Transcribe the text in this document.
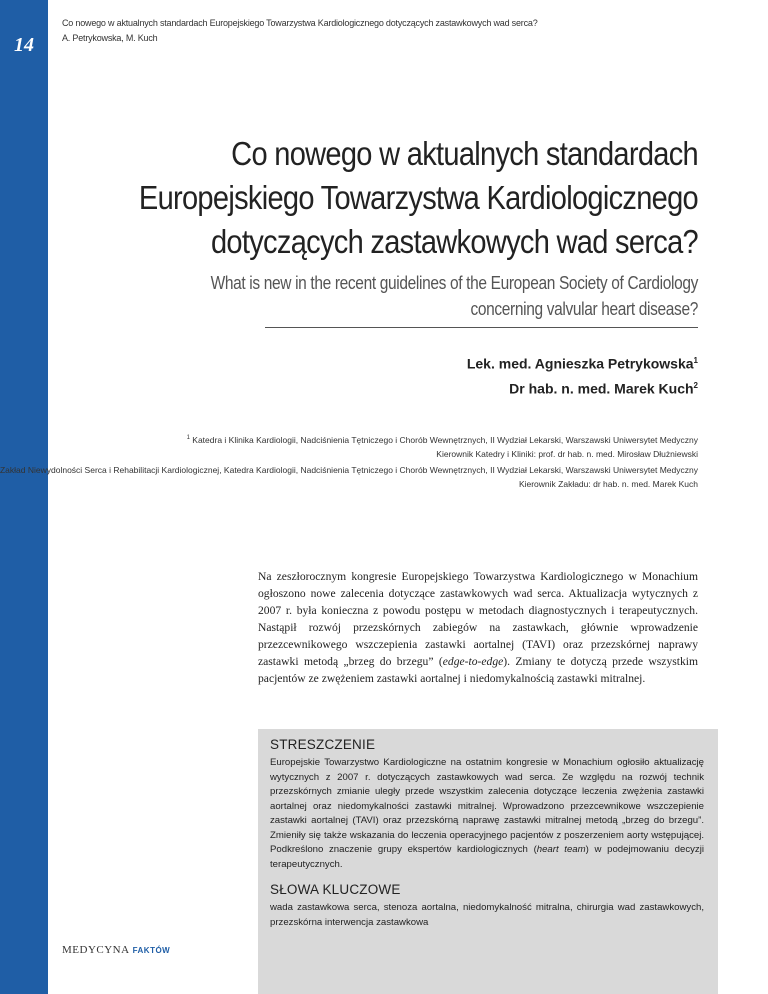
14
Co nowego w aktualnych standardach Europejskiego Towarzystwa Kardiologicznego dotyczących zastawkowych wad serca?
A. Petrykowska, M. Kuch
Co nowego w aktualnych standardach
Europejskiego Towarzystwa Kardiologicznego
dotyczących zastawkowych wad serca?
What is new in the recent guidelines of the European Society of Cardiology
concerning valvular heart disease?
Lek. med. Agnieszka Petrykowska$^1$
Dr hab. n. med. Marek Kuch$^2$
$^1$ Katedra i Klinika Kardiologii, Nadciśnienia Tętniczego i Chorób Wewnętrznych, II Wydział Lekarski, Warszawski Uniwersytet Medyczny
Kierownik Katedry i Kliniki: prof. dr hab. n. med. Mirosław Dłużniewski
Zakład Niewydolności Serca i Rehabilitacji Kardiologicznej, Katedra Kardiologii, Nadciśnienia Tętniczego i Chorób Wewnętrznych, II Wydział Lekarski, Warszawski Uniwersytet Medyczny
Kierownik Zakładu: dr hab. n. med. Marek Kuch
Na zeszłorocznym kongresie Europejskiego Towarzystwa Kardiologicznego w Monachium ogłoszono nowe zalecenia dotyczące zastawkowych wad serca. Aktualizacja wytycznych z 2007 r. była konieczna z powodu postępu w metodach diagnostycznych i terapeutycznych. Nastąpił rozwój przezskórnych zabiegów na zastawkach, głównie wprowadzenie przezcewnikowego wszczepienia zastawki aortalnej (TAVI) oraz przezskórnej naprawy zastawki metodą „brzeg do brzegu” (edge-to-edge). Zmiany te dotyczą przede wszystkim pacjentów ze zwężeniem zastawki aortalnej i niedomykalnością zastawki mitralnej.
STRESZCZENIE
Europejskie Towarzystwo Kardiologiczne na ostatnim kongresie w Monachium ogłosiło aktualizację wytycznych z 2007 r. dotyczących zastawkowych wad serca. Ze względu na rozwój technik przezskórnych zmianie uległy przede wszystkim zalecenia dotyczące leczenia zwężenia zastawki aortalnej oraz niedomykalności zastawki mitralnej. Wprowadzono przezcewnikowe wszczepienie zastawki aortalnej (TAVI) oraz przezskórną naprawę zastawki mitralnej metodą „brzeg do brzegu”. Zmieniły się także wskazania do leczenia operacyjnego pacjentów z poszerzeniem aorty wstępującej. Podkreślono znaczenie grupy ekspertów kardiologicznych (heart team) w podejmowaniu decyzji terapeutycznych.
SŁOWA KLUCZOWE
wada zastawkowa serca, stenoza aortalna, niedomykalność mitralna, chirurgia wad zastawkowych, przezskórna interwencja zastawkowa
MEDYCYNA FAKTÓW
